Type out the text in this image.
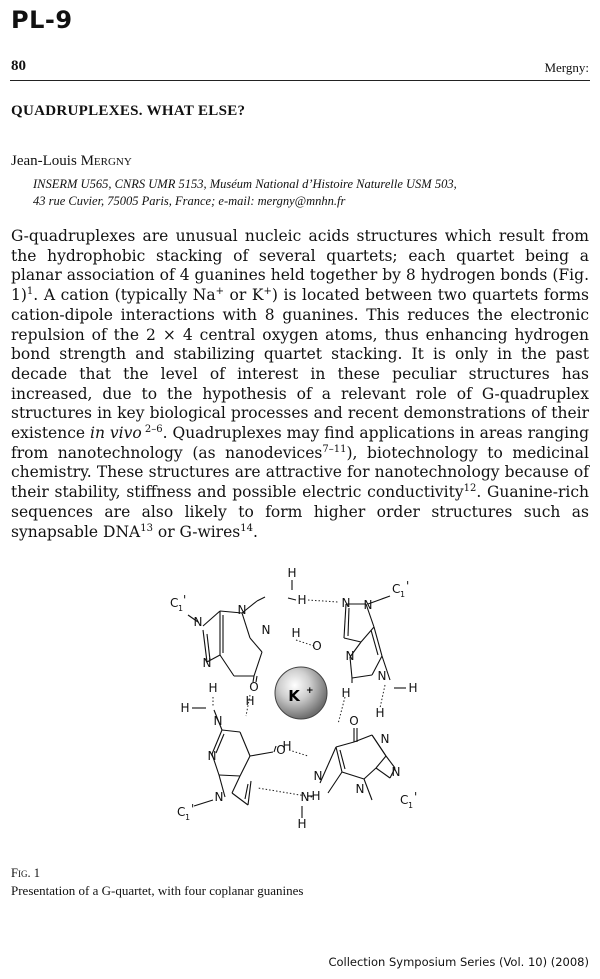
PL-9
80	Mergny:
QUADRUPLEXES. WHAT ELSE?
Jean-Louis Mergny
INSERM U565, CNRS UMR 5153, Muséum National d’Histoire Naturelle USM 503,
43 rue Cuvier, 75005 Paris, France; e-mail: mergny@mnhn.fr
G-quadruplexes are unusual nucleic acids structures which result from the hydrophobic stacking of several quartets; each quartet being a planar association of 4 guanines held together by 8 hydrogen bonds (Fig. 1)$^1$. A cation (typically Na+ or K+) is located between two quartets forms cation-dipole interactions with 8 guanines. This reduces the electronic repulsion of the 2 × 4 central oxygen atoms, thus enhancing hydrogen bond strength and stabilizing quartet stacking. It is only in the past decade that the level of interest in these peculiar structures has increased, due to the hypothesis of a relevant role of G-quadruplex structures in key biological processes and recent demonstrations of their existence in vivo $^{2-6}$. Quadruplexes may find applications in areas ranging from nanotechnology (as nanodevices$^{7-11}$), biotechnology to medicinal chemistry. These structures are attractive for nanotechnology because of their stability, stiffness and possible electric conductivity$^{12}$. Guanine-rich sequences are also likely to form higher order structures such as synapsable DNA$^{13}$ or G-wires$^{14}$.
K +
N
N
N
N
N N
N
N
N
N
N
N
N
N
N
N
O
O
O
O
H
H
H
H
H	H
H	H
H
H
H
H
C 1
'
C 1
'
C 1
'
C 1
'
Fig. 1
Presentation of a G-quartet, with four coplanar guanines
Collection Symposium Series (Vol. 10) (2008)
